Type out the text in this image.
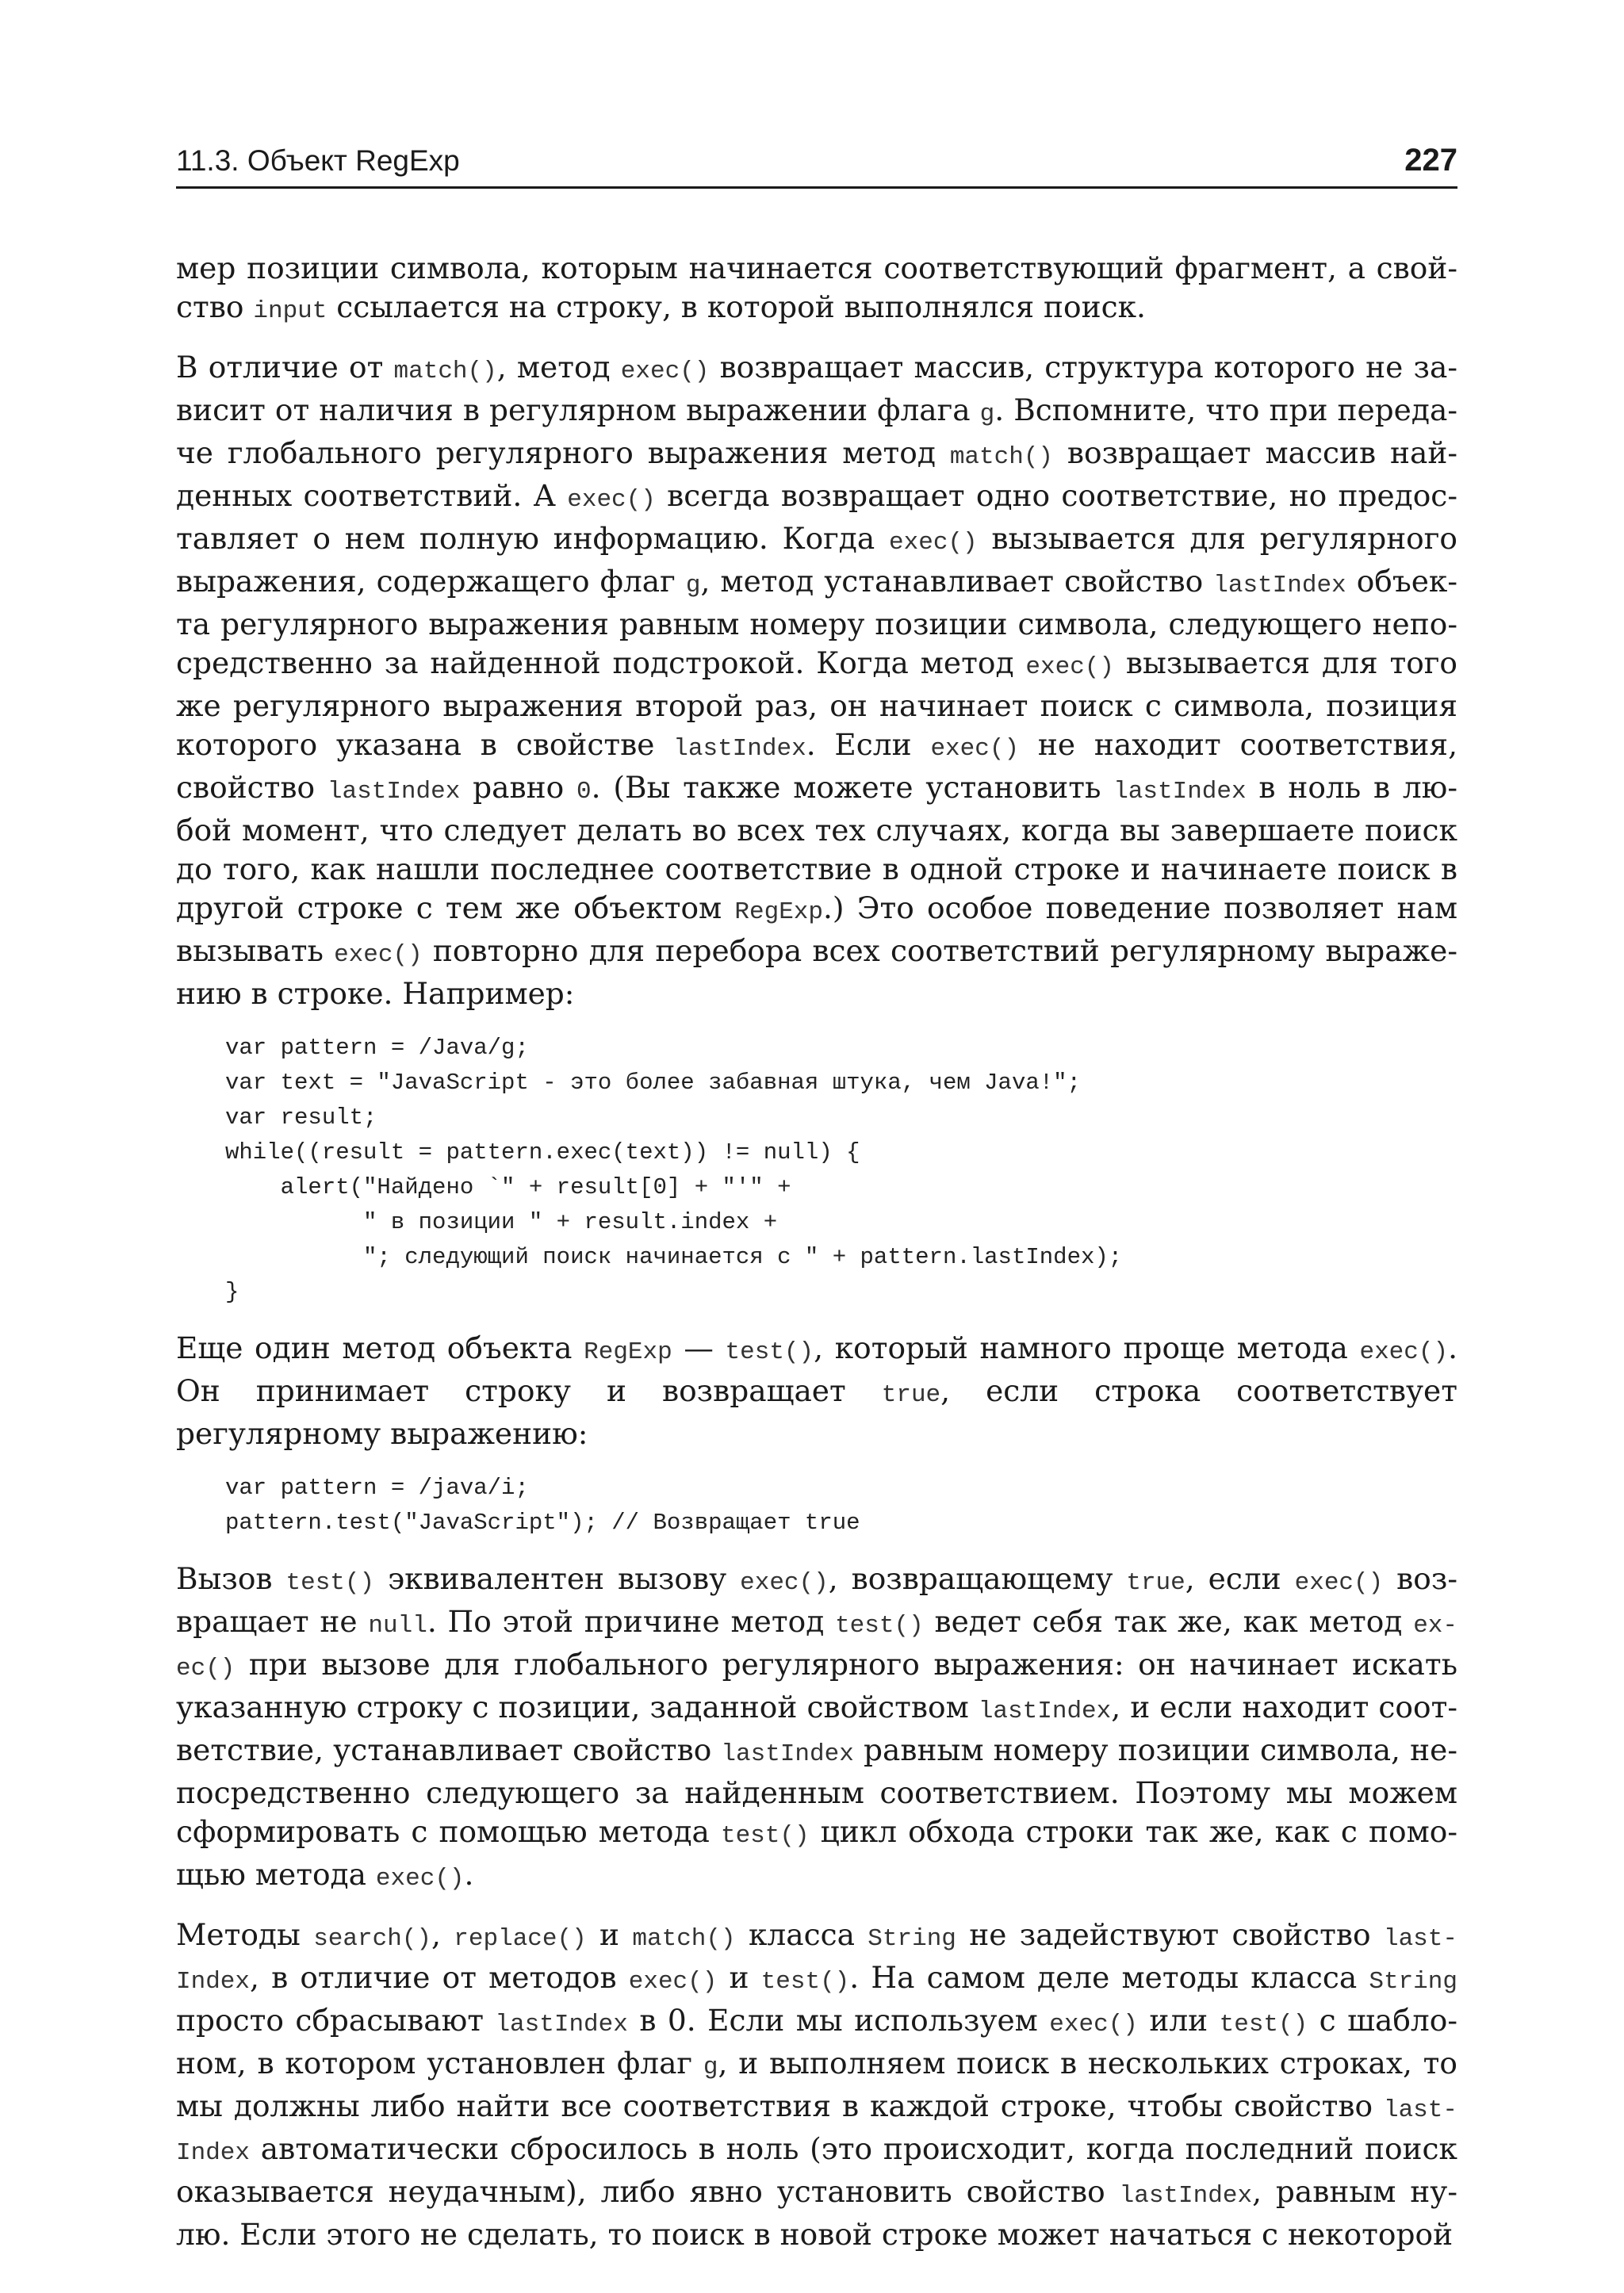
11.3. Объект RegExp	227

мер позиции символа, которым начинается соответствующий фрагмент, а свойство input ссылается на строку, в которой выполнялся поиск.

В отличие от match(), метод exec() возвращает массив, структура которого не зависит от наличия в регулярном выражении флага g. Вспомните, что при передаче глобального регулярного выражения метод match() возвращает массив найденных соответствий. А exec() всегда возвращает одно соответствие, но предоставляет о нем полную информацию. Когда exec() вызывается для регулярного выражения, содержащего флаг g, метод устанавливает свойство lastIndex объекта регулярного выражения равным номеру позиции символа, следующего непосредственно за найденной подстрокой. Когда метод exec() вызывается для того же регулярного выражения второй раз, он начинает поиск с символа, позиция которого указана в свойстве lastIndex. Если exec() не находит соответствия, свойство lastIndex равно 0. (Вы также можете установить lastIndex в ноль в любой момент, что следует делать во всех тех случаях, когда вы завершаете поиск до того, как нашли последнее соответствие в одной строке и начинаете поиск в другой строке с тем же объектом RegExp.) Это особое поведение позволяет нам вызывать exec() повторно для перебора всех соответствий регулярному выражению в строке. Например:

var pattern = /Java/g;
var text = "JavaScript - это более забавная штука, чем Java!";
var result;
while((result = pattern.exec(text)) != null) {
alert("Найдено `" + result[0] + "'" +
" в позиции " + result.index +
"; следующий поиск начинается с " + pattern.lastIndex);
}

Еще один метод объекта RegExp — test(), который намного проще метода exec(). Он принимает строку и возвращает true, если строка соответствует регулярному выражению:

var pattern = /java/i;
pattern.test("JavaScript"); // Возвращает true

Вызов test() эквивалентен вызову exec(), возвращающему true, если exec() возвращает не null. По этой причине метод test() ведет себя так же, как метод exec() при вызове для глобального регулярного выражения: он начинает искать указанную строку с позиции, заданной свойством lastIndex, и если находит соответствие, устанавливает свойство lastIndex равным номеру позиции символа, непосредственно следующего за найденным соответствием. Поэтому мы можем сформировать с помощью метода test() цикл обхода строки так же, как с помощью метода exec().

Методы search(), replace() и match() класса String не задействуют свойство lastIndex, в отличие от методов exec() и test(). На самом деле методы класса String просто сбрасывают lastIndex в 0. Если мы используем exec() или test() с шаблоном, в котором установлен флаг g, и выполняем поиск в нескольких строках, то мы должны либо найти все соответствия в каждой строке, чтобы свойство lastIndex автоматически сбросилось в ноль (это происходит, когда последний поиск оказывается неудачным), либо явно установить свойство lastIndex, равным нулю. Если этого не сделать, то поиск в новой строке может начаться с некоторой
